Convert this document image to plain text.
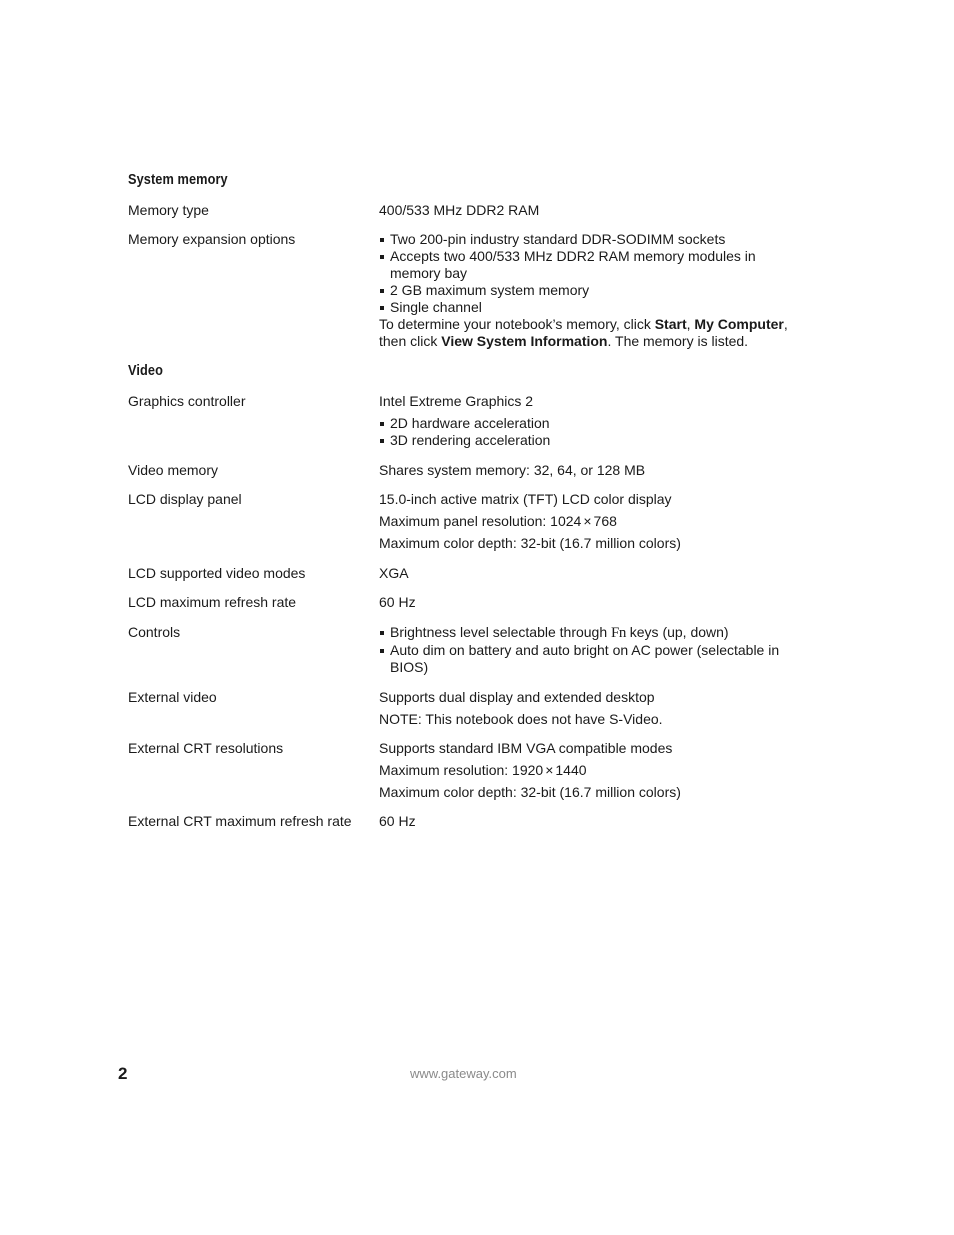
System memory
Memory type	400/533 MHz DDR2 RAM
Memory expansion options	Two 200-pin industry standard DDR-SODIMM sockets
Accepts two 400/533 MHz DDR2 RAM memory modules in memory bay
2 GB maximum system memory
Single channel
To determine your notebook’s memory, click Start, My Computer,
then click View System Information. The memory is listed.
Video
Graphics controller	Intel Extreme Graphics 2
2D hardware acceleration
3D rendering acceleration
Video memory	Shares system memory: 32, 64, or 128 MB
LCD display panel	15.0-inch active matrix (TFT) LCD color display
Maximum panel resolution: 1024 × 768
Maximum color depth: 32-bit (16.7 million colors)
LCD supported video modes	XGA
LCD maximum refresh rate	60 Hz
Controls	Brightness level selectable through Fn keys (up, down)
Auto dim on battery and auto bright on AC power (selectable in BIOS)
External video	Supports dual display and extended desktop
NOTE: This notebook does not have S-Video.
External CRT resolutions	Supports standard IBM VGA compatible modes
Maximum resolution: 1920 × 1440
Maximum color depth: 32-bit (16.7 million colors)
External CRT maximum refresh rate	60 Hz
2	www.gateway.com
